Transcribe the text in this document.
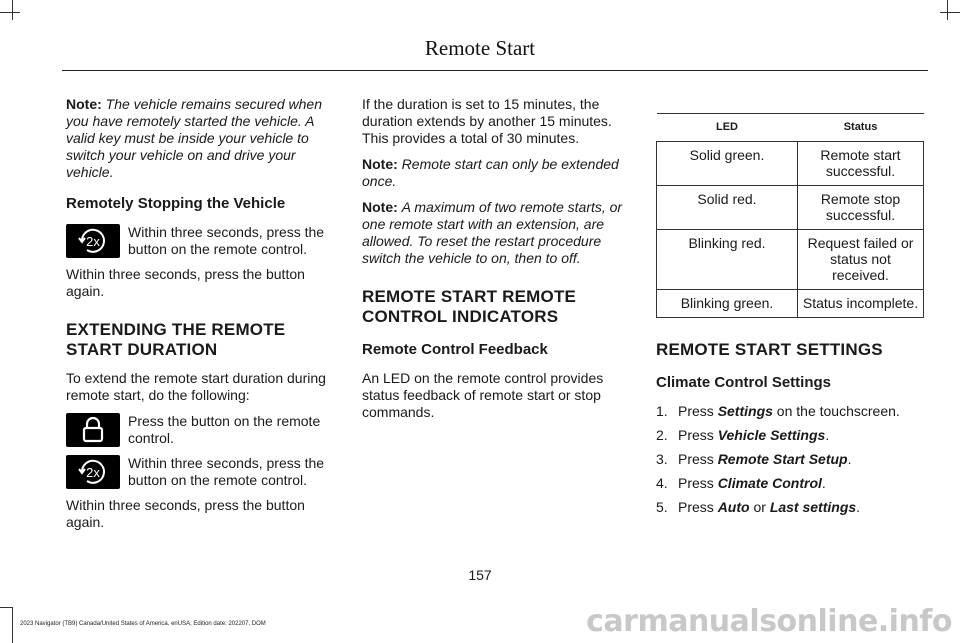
Remote Start

Note: The vehicle remains secured when you have remotely started the vehicle. A valid key must be inside your vehicle to switch your vehicle on and drive your vehicle.

Remotely Stopping the Vehicle
2x
Within three seconds, press the button on the remote control.

Within three seconds, press the button again.

EXTENDING THE REMOTE START DURATION

To extend the remote start duration during remote start, do the following:

Press the button on the remote control.
2x
Within three seconds, press the button on the remote control.

Within three seconds, press the button again.

If the duration is set to 15 minutes, the duration extends by another 15 minutes. This provides a total of 30 minutes.

Note: Remote start can only be extended once.

Note: A maximum of two remote starts, or one remote start with an extension, are allowed. To reset the restart procedure switch the vehicle to on, then to off.

REMOTE START REMOTE CONTROL INDICATORS
Remote Control Feedback

An LED on the remote control provides status feedback of remote start or stop commands.

LED	Status
Solid green.	Remote start successful.
Solid red.	Remote stop successful.
Blinking red.	Request failed or status not received.
Blinking green.	Status incomplete.
REMOTE START SETTINGS
Climate Control Settings
1. Press Settings on the touchscreen.
2. Press Vehicle Settings.
3. Press Remote Start Setup.
4. Press Climate Control.
5. Press Auto or Last settings.
157
2023 Navigator (TB9) Canada/United States of America, enUSA, Edition date: 202207, DOM	carmanualsonline.info
